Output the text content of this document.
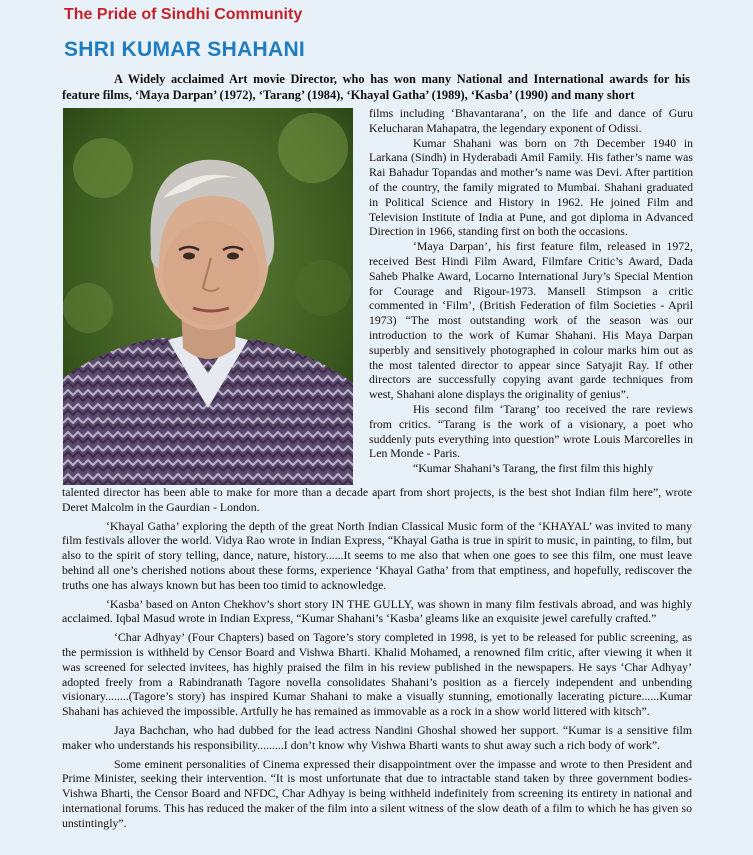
The Pride of Sindhi Community
SHRI KUMAR SHAHANI

A Widely acclaimed Art movie Director, who has won many National and International awards for his feature films, ‘Maya Darpan’ (1972), ‘Tarang’ (1984), ‘Khayal Gatha’ (1989), ‘Kasba’ (1990) and many short

films including ‘Bhavantarana’, on the life and dance of Guru Kelucharan Mahapatra, the legendary exponent of Odissi.

Kumar Shahani was born on 7th December 1940 in Larkana (Sindh) in Hyderabadi Amil Family. His father’s name was Rai Bahadur Topandas and mother’s name was Devi. After partition of the country, the family migrated to Mumbai. Shahani graduated in Political Science and History in 1962. He joined Film and Television Institute of India at Pune, and got diploma in Advanced Direction in 1966, standing first on both the occasions.

‘Maya Darpan’, his first feature film, released in 1972, received Best Hindi Film Award, Filmfare Critic’s Award, Dada Saheb Phalke Award, Locarno International Jury’s Special Mention for Courage and Rigour-1973. Mansell Stimpson a critic commented in ‘Film’, (British Federation of film Societies - April 1973) “The most outstanding work of the season was our introduction to the work of Kumar Shahani. His Maya Darpan superbly and sensitively photographed in colour marks him out as the most talented director to appear since Satyajit Ray. If other directors are successfully copying avant garde techniques from west, Shahani alone displays the originality of genius”.

His second film ‘Tarang’ too received the rare reviews from critics. “Tarang is the work of a visionary, a poet who suddenly puts everything into question” wrote Louis Marcorelles in Len Monde - Paris.

“Kumar Shahani’s Tarang, the first film this highly

talented director has been able to make for more than a decade apart from short projects, is the best shot Indian film here”, wrote Deret Malcolm in the Gaurdian - London.

‘Khayal Gatha’ exploring the depth of the great North Indian Classical Music form of the ‘KHAYAL’ was invited to many film festivals allover the world. Vidya Rao wrote in Indian Express, “Khayal Gatha is true in spirit to music, in painting, to film, but also to the spirit of story telling, dance, nature, history......It seems to me also that when one goes to see this film, one must leave behind all one’s cherished notions about these forms, experience ‘Khayal Gatha’ from that emptiness, and hopefully, rediscover the truths one has always known but has been too timid to acknowledge.

‘Kasba’ based on Anton Chekhov’s short story IN THE GULLY, was shown in many film festivals abroad, and was highly acclaimed. Iqbal Masud wrote in Indian Express, “Kumar Shahani’s ‘Kasba’ gleams like an exquisite jewel carefully crafted.”

‘Char Adhyay’ (Four Chapters) based on Tagore’s story completed in 1998, is yet to be released for public screening, as the permission is withheld by Censor Board and Vishwa Bharti. Khalid Mohamed, a renowned film critic, after viewing it when it was screened for selected invitees, has highly praised the film in his review published in the newspapers. He says ‘Char Adhyay’ adopted freely from a Rabindranath Tagore novella consolidates Shahani’s position as a fiercely independent and unbending visionary........(Tagore’s story) has inspired Kumar Shahani to make a visually stunning, emotionally lacerating picture......Kumar Shahani has achieved the impossible. Artfully he has remained as immovable as a rock in a show world littered with kitsch”.

Jaya Bachchan, who had dubbed for the lead actress Nandini Ghoshal showed her support. “Kumar is a sensitive film maker who understands his responsibility.........I don’t know why Vishwa Bharti wants to shut away such a rich body of work”.

Some eminent personalities of Cinema expressed their disappointment over the impasse and wrote to then President and Prime Minister, seeking their intervention. “It is most unfortunate that due to intractable stand taken by three government bodies-Vishwa Bharti, the Censor Board and NFDC, Char Adhyay is being withheld indefinitely from screening its entirety in national and international forums. This has reduced the maker of the film into a silent witness of the slow death of a film to which he has given so unstintingly”.
